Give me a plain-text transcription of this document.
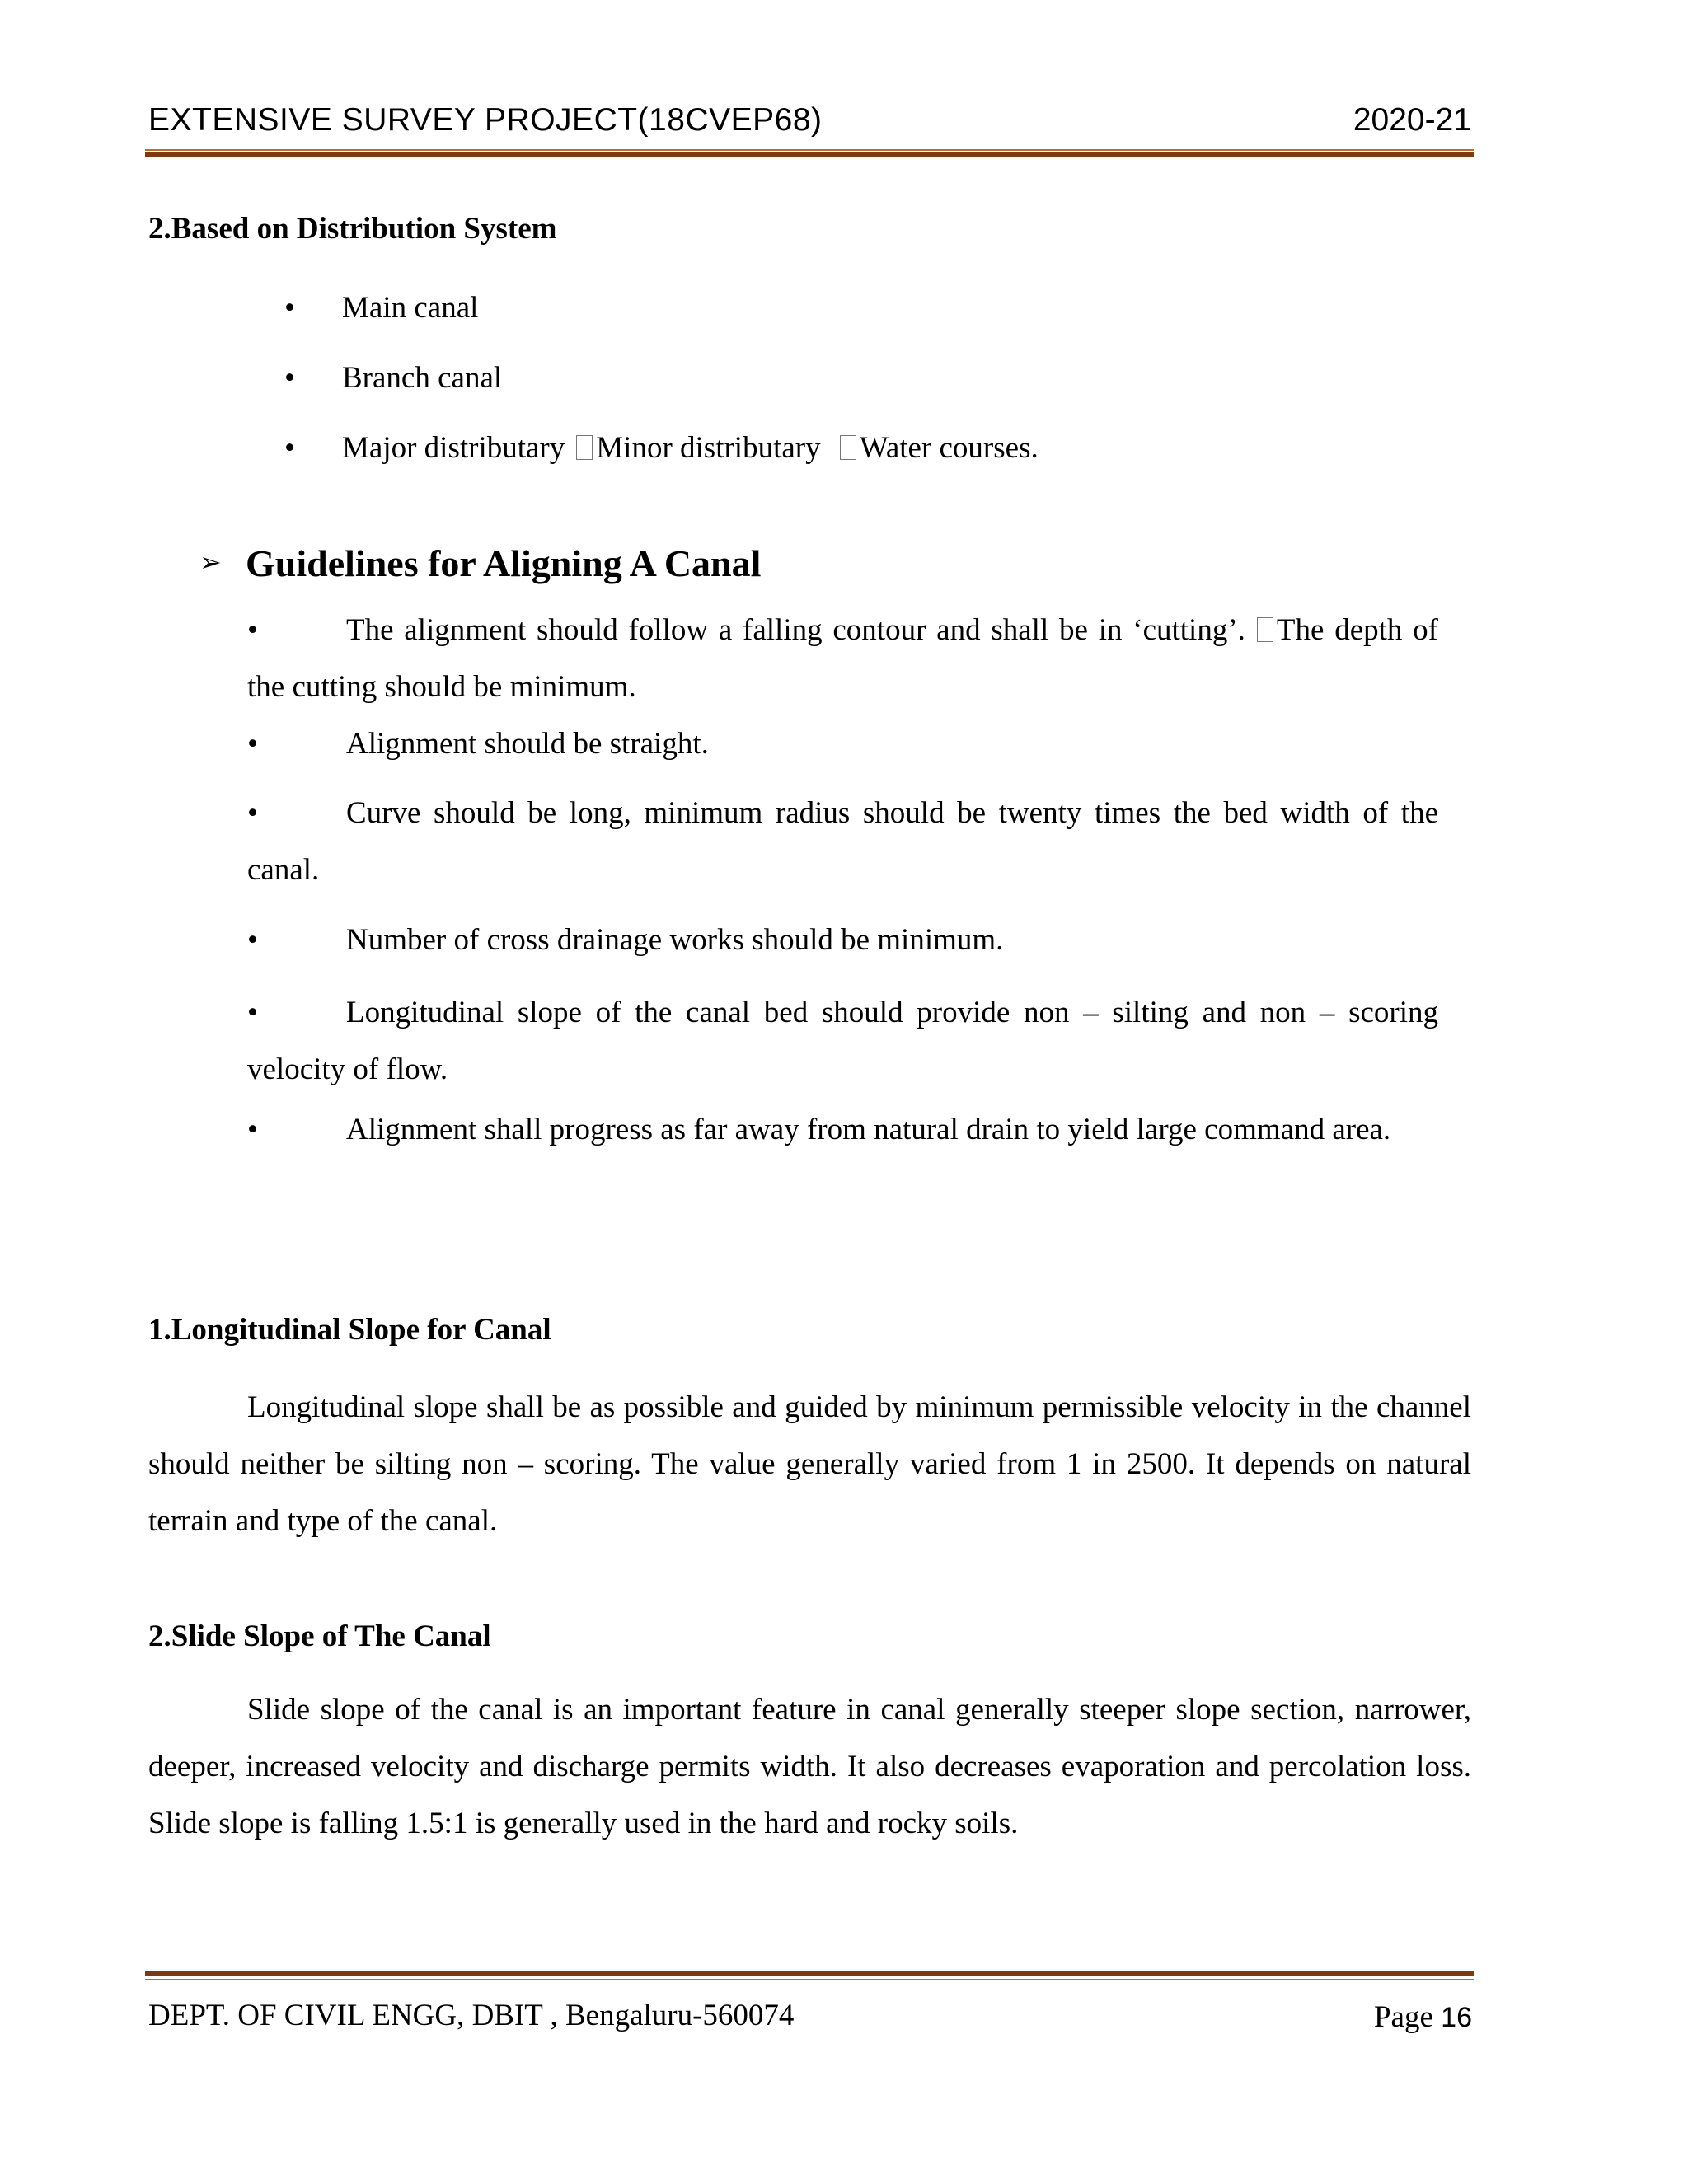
EXTENSIVE SURVEY PROJECT(18CVEP68)	2020-21
2.Based on Distribution System
• Main canal
• Branch canal
• Major distributary Minor distributary Water courses.
➢ Guidelines for Aligning A Canal
•	The alignment should follow a falling contour and shall be in ‘cutting’. The depth of the cutting should be minimum.
•	Alignment should be straight.
•	Curve should be long, minimum radius should be twenty times the bed width of the canal.
•	Number of cross drainage works should be minimum.
•	Longitudinal slope of the canal bed should provide non – silting and non – scoring velocity of flow.
•	Alignment shall progress as far away from natural drain to yield large command area.
1.Longitudinal Slope for Canal
Longitudinal slope shall be as possible and guided by minimum permissible velocity in the channel should neither be silting non – scoring. The value generally varied from 1 in 2500. It depends on natural terrain and type of the canal.
2.Slide Slope of The Canal
Slide slope of the canal is an important feature in canal generally steeper slope section, narrower, deeper, increased velocity and discharge permits width. It also decreases evaporation and percolation loss. Slide slope is falling 1.5:1 is generally used in the hard and rocky soils.
DEPT. OF CIVIL ENGG, DBIT , Bengaluru-560074	Page 16
